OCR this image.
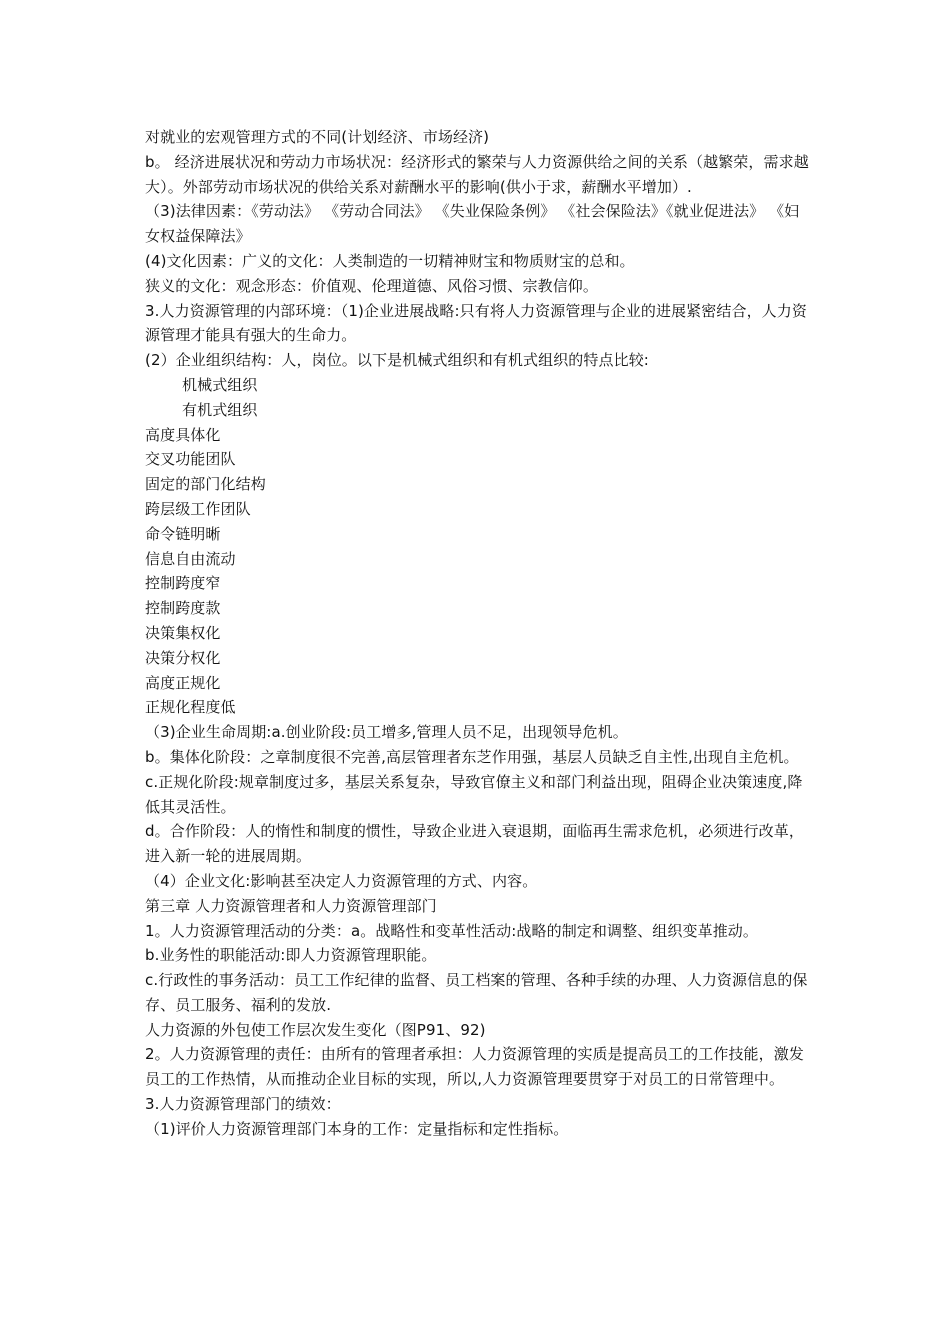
对就业的宏观管理方式的不同(计划经济、市场经济)

b。 经济进展状况和劳动力市场状况：经济形式的繁荣与人力资源供给之间的关系（越繁荣，需求越大）。外部劳动市场状况的供给关系对薪酬水平的影响(供小于求，薪酬水平增加）.

（3)法律因素：《劳动法》 《劳动合同法》 《失业保险条例》 《社会保险法》《就业促进法》 《妇女权益保障法》

(4)文化因素：广义的文化：人类制造的一切精神财宝和物质财宝的总和。

狭义的文化：观念形态：价值观、伦理道德、风俗习惯、宗教信仰。

3.人力资源管理的内部环境：（1)企业进展战略:只有将人力资源管理与企业的进展紧密结合，人力资源管理才能具有强大的生命力。

(2）企业组织结构：人，岗位。以下是机械式组织和有机式组织的特点比较:

机械式组织

有机式组织

高度具体化

交叉功能团队

固定的部门化结构

跨层级工作团队

命令链明晰

信息自由流动

控制跨度窄

控制跨度款

决策集权化

决策分权化

高度正规化

正规化程度低

（3)企业生命周期:a.创业阶段:员工增多,管理人员不足，出现领导危机。

b。集体化阶段：之章制度很不完善,高层管理者东芝作用强，基层人员缺乏自主性,出现自主危机。

c.正规化阶段:规章制度过多，基层关系复杂，导致官僚主义和部门利益出现，阻碍企业决策速度,降低其灵活性。

d。合作阶段：人的惰性和制度的惯性，导致企业进入衰退期，面临再生需求危机，必须进行改革，进入新一轮的进展周期。

（4）企业文化:影响甚至决定人力资源管理的方式、内容。

第三章 人力资源管理者和人力资源管理部门

1。人力资源管理活动的分类：a。战略性和变革性活动:战略的制定和调整、组织变革推动。

b.业务性的职能活动:即人力资源管理职能。

c.行政性的事务活动：员工工作纪律的监督、员工档案的管理、各种手续的办理、人力资源信息的保存、员工服务、福利的发放.

人力资源的外包使工作层次发生变化（图P91、92)

2。人力资源管理的责任：由所有的管理者承担：人力资源管理的实质是提高员工的工作技能，激发员工的工作热情，从而推动企业目标的实现，所以,人力资源管理要贯穿于对员工的日常管理中。

3.人力资源管理部门的绩效：

（1)评价人力资源管理部门本身的工作：定量指标和定性指标。
